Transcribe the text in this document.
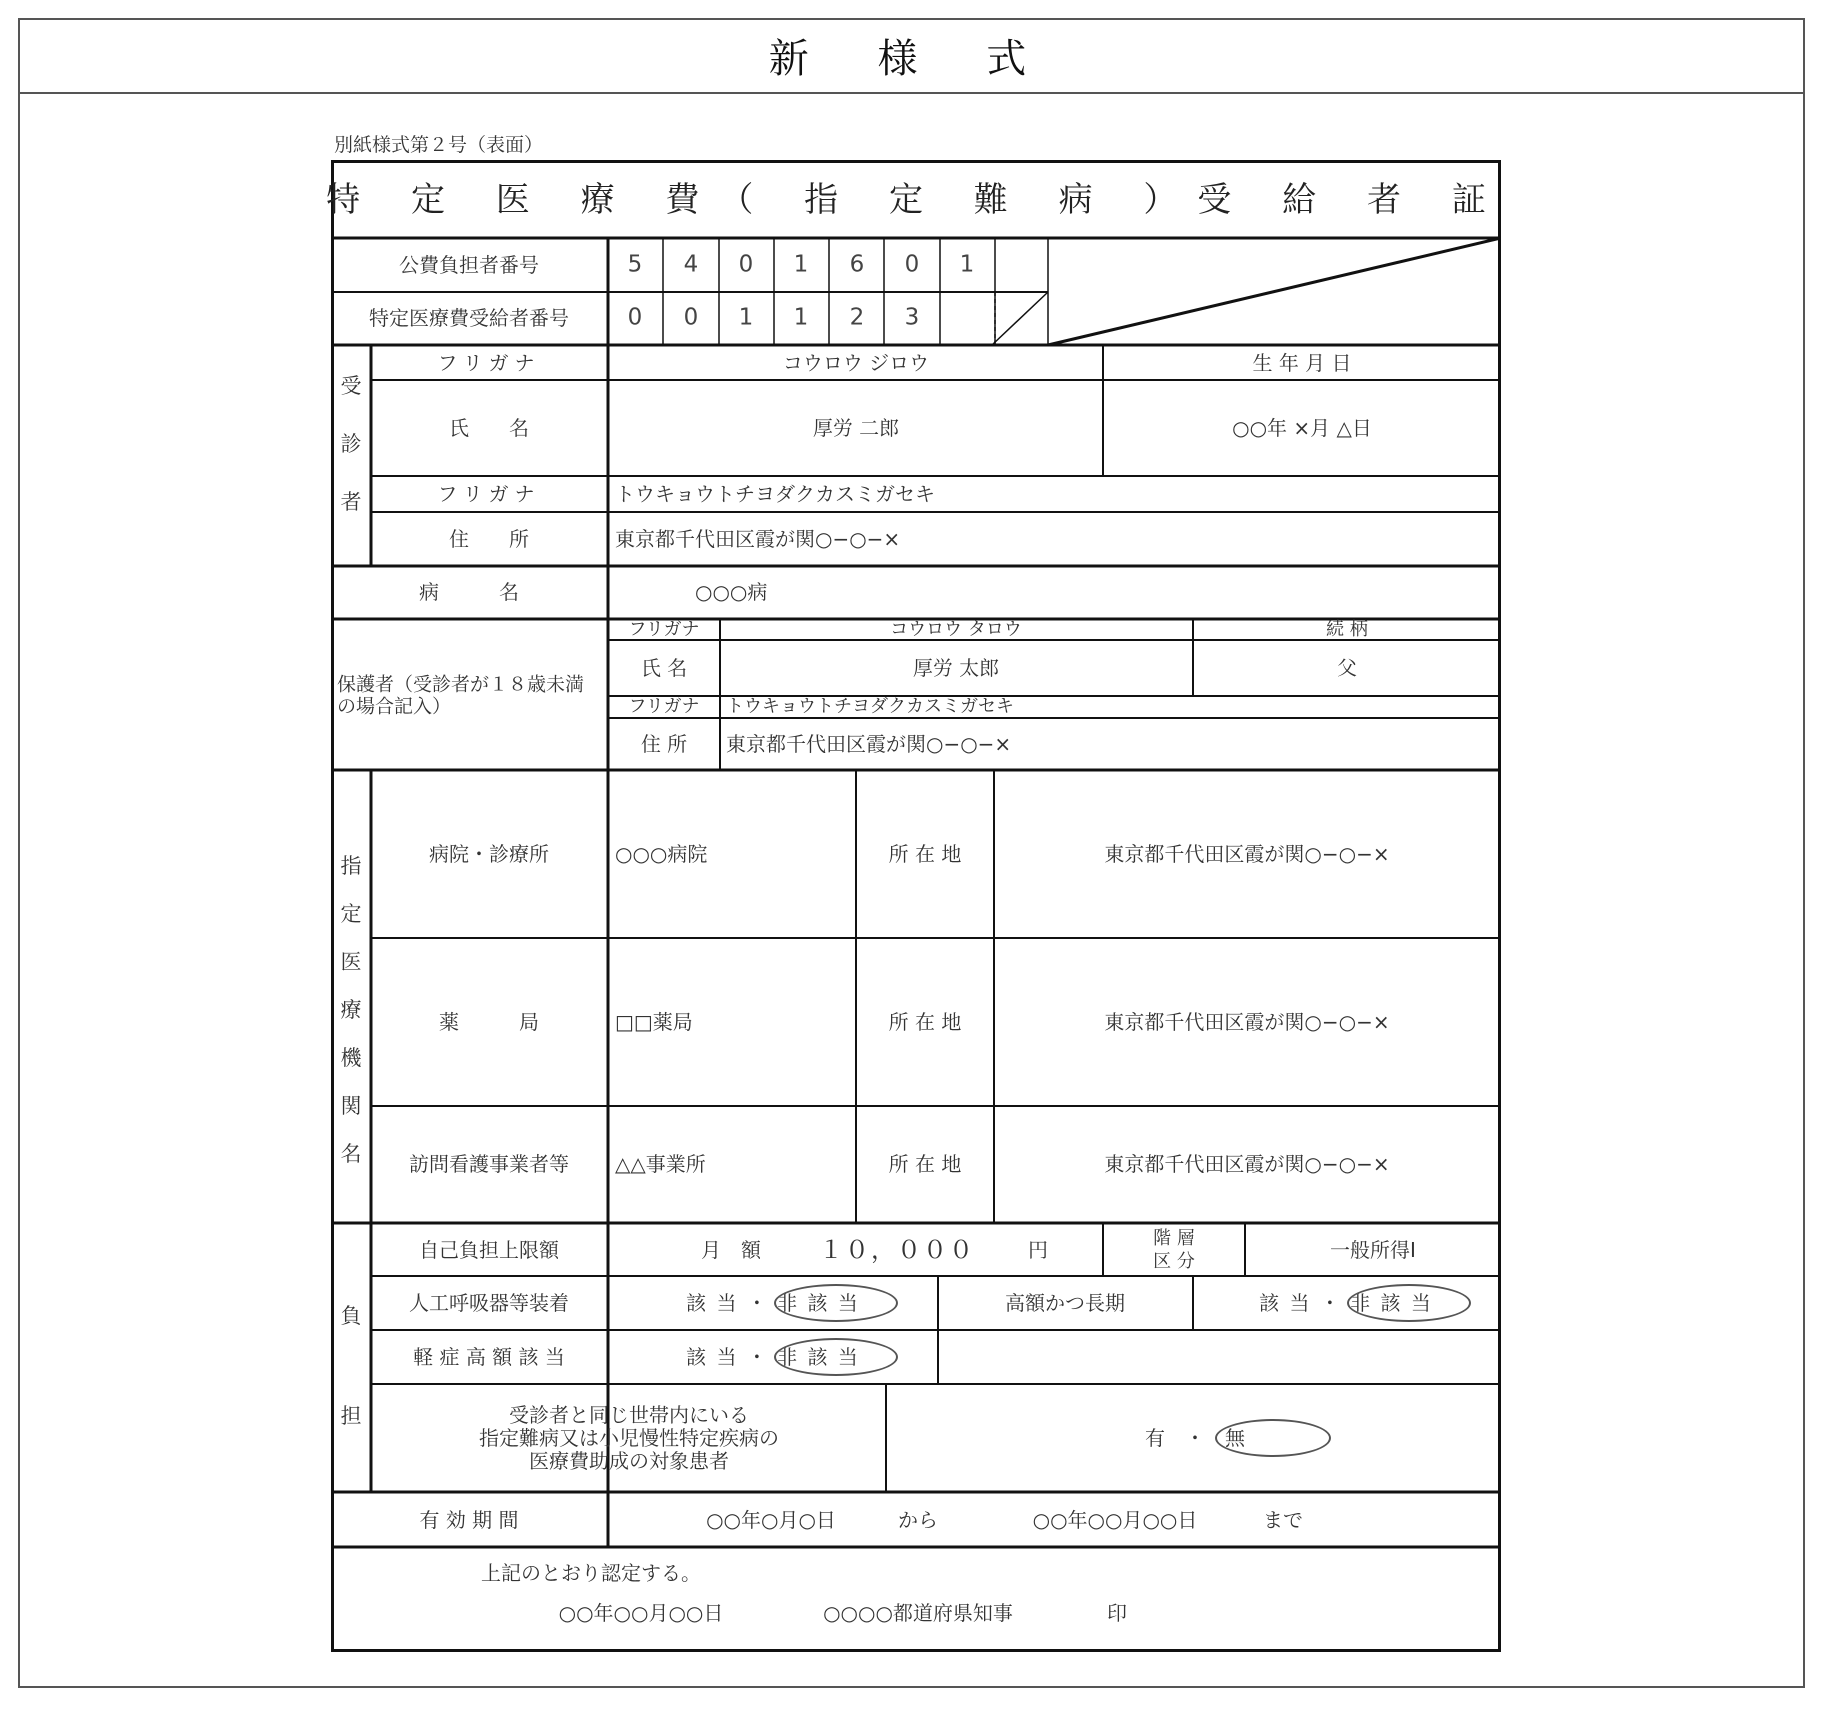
新 様 式
別紙様式第２号（表面）
特 定 医 療 費（ 指 定 難 病 ）受 給 者 証
公費負担者番号	5 4 0 1 6 0 1
特定医療費受給者番号	0 0 1 1 2 3
受
診
者
フリガナ	コウロウ ジロウ	生 年 月 日
氏　　名	厚労 二郎	○○年 ×月 △日
フリガナ	トウキョウトチヨダクカスミガセキ
住　　所	東京都千代田区霞が関○−○−×
病　　　名	○○○病
保護者（受診者が１８歳未満
の場合記入）
フリガナ	コウロウ タロウ	続 柄
氏 名	厚労 太郎	父
フリガナ トウキョウトチヨダクカスミガセキ
住 所 東京都千代田区霞が関○−○−×
指
定
医
療
機
関
名
病院・診療所	○○○病院	所 在 地	東京都千代田区霞が関○−○−×
薬　　　局	□□薬局	所 在 地	東京都千代田区霞が関○−○−×
訪問看護事業者等 △△事業所	所 在 地	東京都千代田区霞が関○−○−×
負
担
自己負担上限額	月　額 １０，０００	円	階 層
区 分	一般所得Ⅰ
人工呼吸器等装着	該 当 ・ 非 該 当	高額かつ長期	該 当 ・ 非 該 当
軽 症 高 額 該 当	該 当 ・ 非 該 当
受診者と同じ世帯内にいる
指定難病又は小児慢性特定疾病の
医療費助成の対象患者
有　・　無
有 効 期 間	○○年○月○日	から	○○年○○月○○日	まで
上記のとおり認定する。
○○年○○月○○日	○○○○都道府県知事	印
